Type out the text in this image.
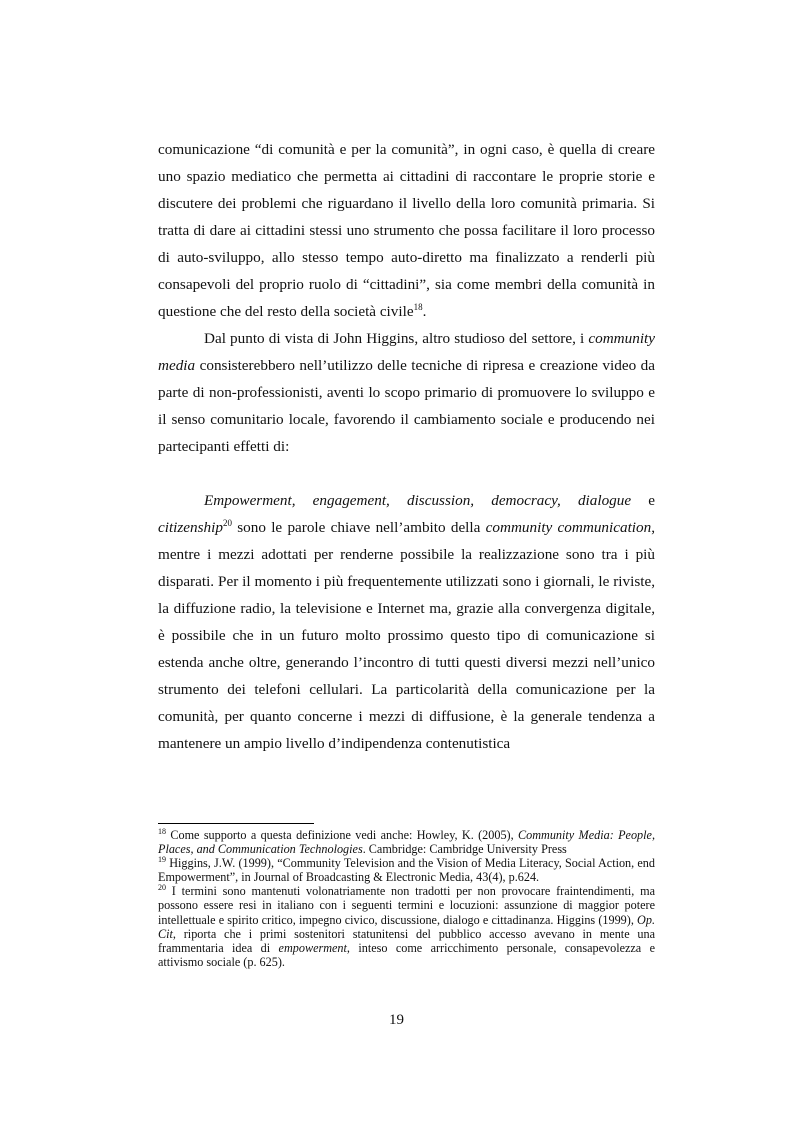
comunicazione “di comunità e per la comunità”, in ogni caso, è quella di creare uno spazio mediatico che permetta ai cittadini di raccontare le proprie storie e discutere dei problemi che riguardano il livello della loro comunità primaria. Si tratta di dare ai cittadini stessi uno strumento che possa facilitare il loro processo di auto-sviluppo, allo stesso tempo auto-diretto ma finalizzato a renderli più consapevoli del proprio ruolo di “cittadini”, sia come membri della comunità in questione che del resto della società civile$^{18}$.

Dal punto di vista di John Higgins, altro studioso del settore, i community media consisterebbero nell’utilizzo delle tecniche di ripresa e creazione video da parte di non-professionisti, aventi lo scopo primario di promuovere lo sviluppo e il senso comunitario locale, favorendo il cambiamento sociale e producendo nei partecipanti effetti di:

Empowerment, engagement, discussion, democracy, dialogue e citizenship$^{20}$ sono le parole chiave nell’ambito della community communication, mentre i mezzi adottati per renderne possibile la realizzazione sono tra i più disparati. Per il momento i più frequentemente utilizzati sono i giornali, le riviste, la diffuzione radio, la televisione e Internet ma, grazie alla convergenza digitale, è possibile che in un futuro molto prossimo questo tipo di comunicazione si estenda anche oltre, generando l’incontro di tutti questi diversi mezzi nell’unico strumento dei telefoni cellulari. La particolarità della comunicazione per la comunità, per quanto concerne i mezzi di diffusione, è la generale tendenza a mantenere un ampio livello d’indipendenza contenutistica

$^{18}$ Come supporto a questa definizione vedi anche: Howley, K. (2005), Community Media: People, Places, and Communication Technologies. Cambridge: Cambridge University Press

$^{19}$ Higgins, J.W. (1999), “Community Television and the Vision of Media Literacy, Social Action, end Empowerment”, in Journal of Broadcasting & Electronic Media, 43(4), p.624.

$^{20}$ I termini sono mantenuti volonatriamente non tradotti per non provocare fraintendimenti, ma possono essere resi in italiano con i seguenti termini e locuzioni: assunzione di maggior potere intellettuale e spirito critico, impegno civico, discussione, dialogo e cittadinanza. Higgins (1999), Op. Cit, riporta che i primi sostenitori statunitensi del pubblico accesso avevano in mente una frammentaria idea di empowerment, inteso come arricchimento personale, consapevolezza e attivismo sociale (p. 625).

19
